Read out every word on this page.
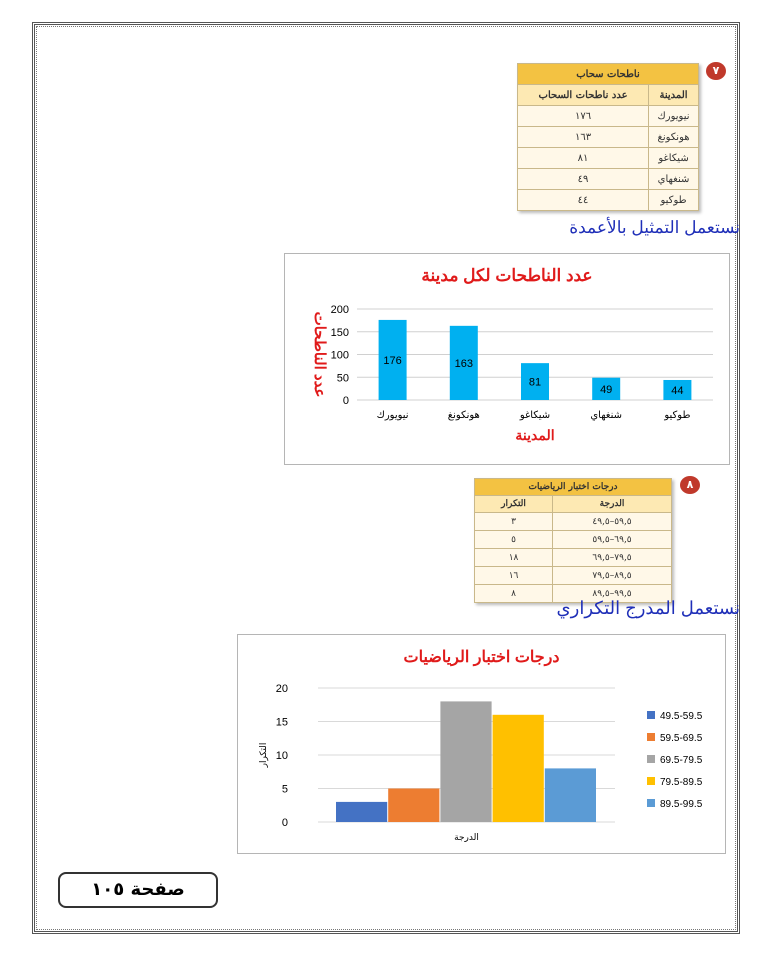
٧
ناطحات سحاب	
عدد ناطحات السحاب	المدينة
١٧٦	نيويورك
١٦٣	هونكونغ
٨١	شيكاغو
٤٩	شنغهاي
٤٤	طوكيو
نستعمل التمثيل بالأعمدة
عدد الناطحات لكل مدينة
0
50
100
150
200
176
نيويورك
163
هونكونغ
81
شيكاغو
49
شنغهاي
44
طوكيو
المدينة
عدد الناطحات
٨
درجات اختبار الرياضيات	
التكرار	الدرجة
٣	٥٩,٥–٤٩,٥
٥	٦٩,٥–٥٩,٥
١٨	٧٩,٥–٦٩,٥
١٦	٨٩,٥–٧٩,٥
٨	٩٩,٥–٨٩,٥
نستعمل المدرج التكراري
درجات اختبار الرياضيات
0
5
10
15
20
الدرجة
التكرار
49.5-59.5
59.5-69.5
69.5-79.5
79.5-89.5
89.5-99.5
صفحة ١٠٥
